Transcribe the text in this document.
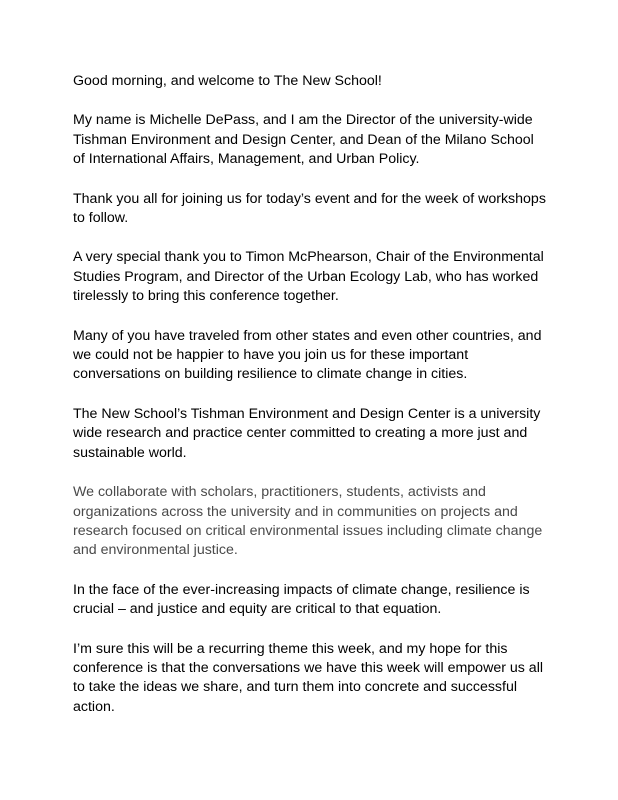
Good morning, and welcome to The New School!

My name is Michelle DePass, and I am the Director of the university-wide
Tishman Environment and Design Center, and Dean of the Milano School
of International Affairs, Management, and Urban Policy.

Thank you all for joining us for today’s event and for the week of workshops
to follow.

A very special thank you to Timon McPhearson, Chair of the Environmental
Studies Program, and Director of the Urban Ecology Lab, who has worked
tirelessly to bring this conference together.

Many of you have traveled from other states and even other countries, and
we could not be happier to have you join us for these important
conversations on building resilience to climate change in cities.

The New School’s Tishman Environment and Design Center is a university
wide research and practice center committed to creating a more just and
sustainable world.

We collaborate with scholars, practitioners, students, activists and
organizations across the university and in communities on projects and
research focused on critical environmental issues including climate change
and environmental justice.

In the face of the ever-increasing impacts of climate change, resilience is
crucial – and justice and equity are critical to that equation.

I’m sure this will be a recurring theme this week, and my hope for this
conference is that the conversations we have this week will empower us all
to take the ideas we share, and turn them into concrete and successful
action.
